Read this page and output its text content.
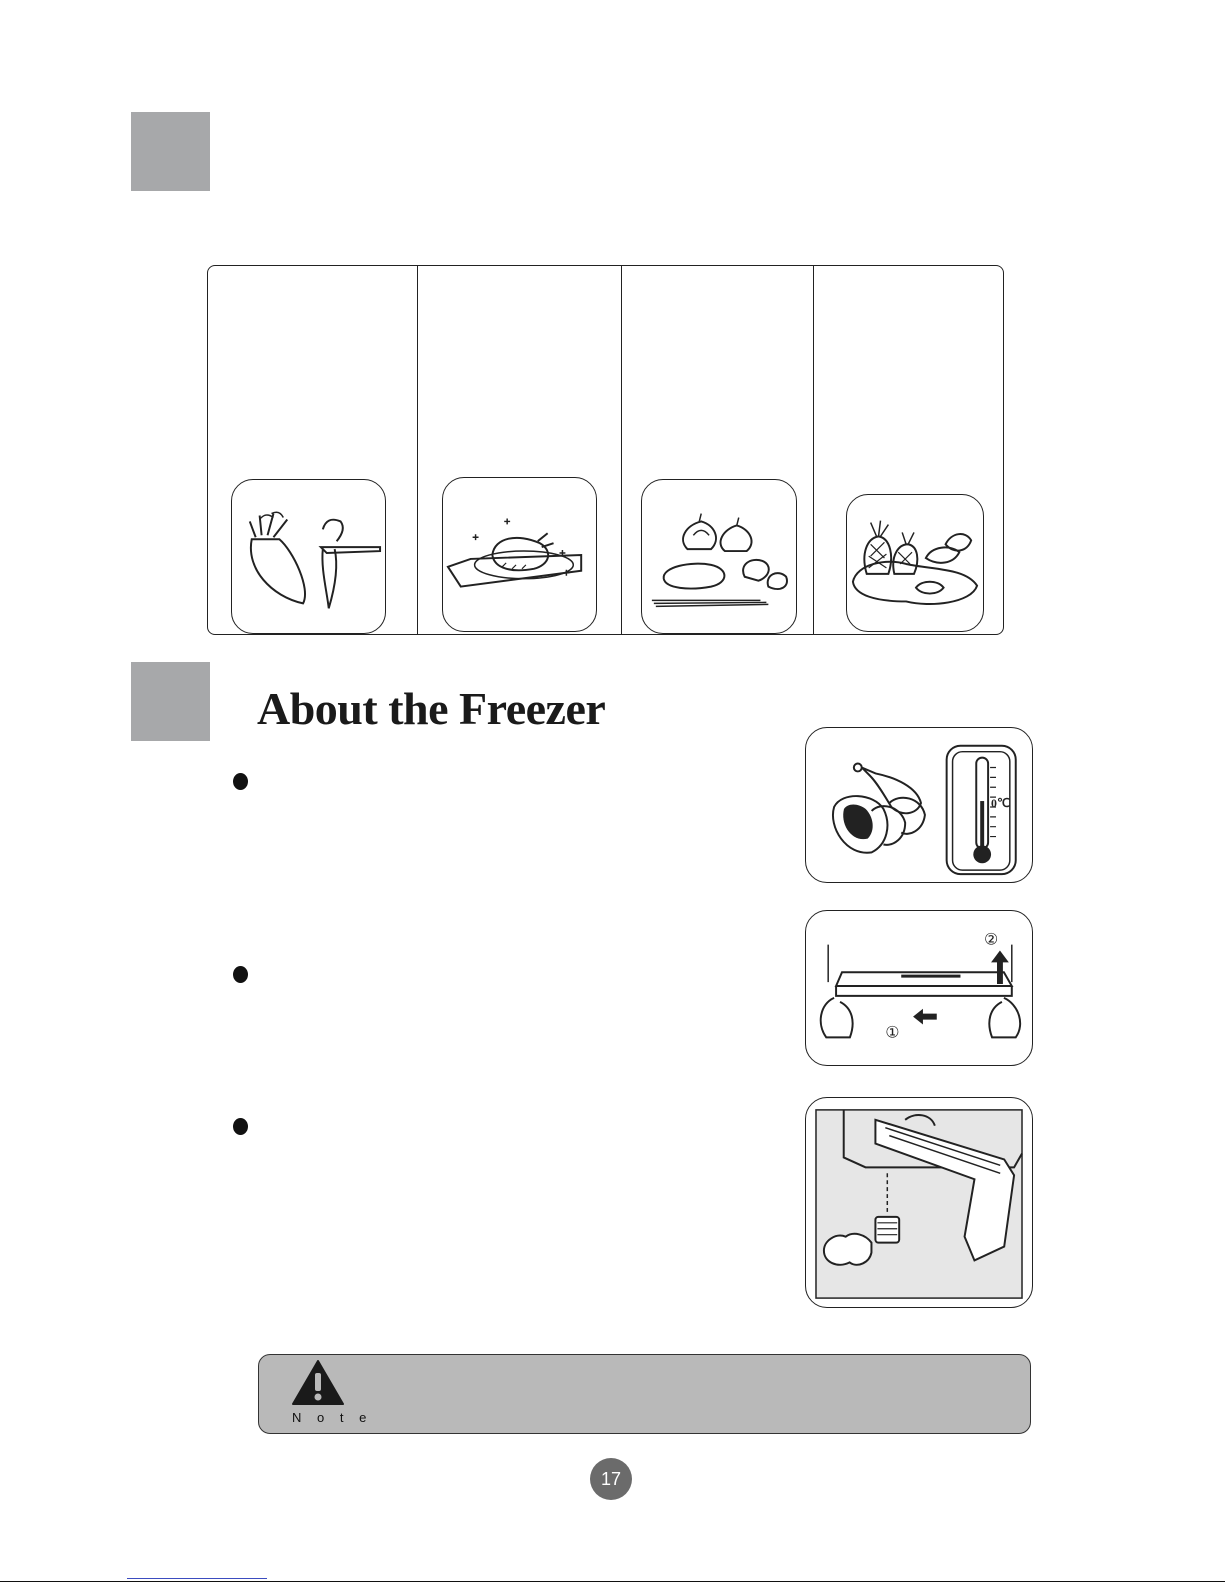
About the Freezer
0℃
①
②
N o t e
17
